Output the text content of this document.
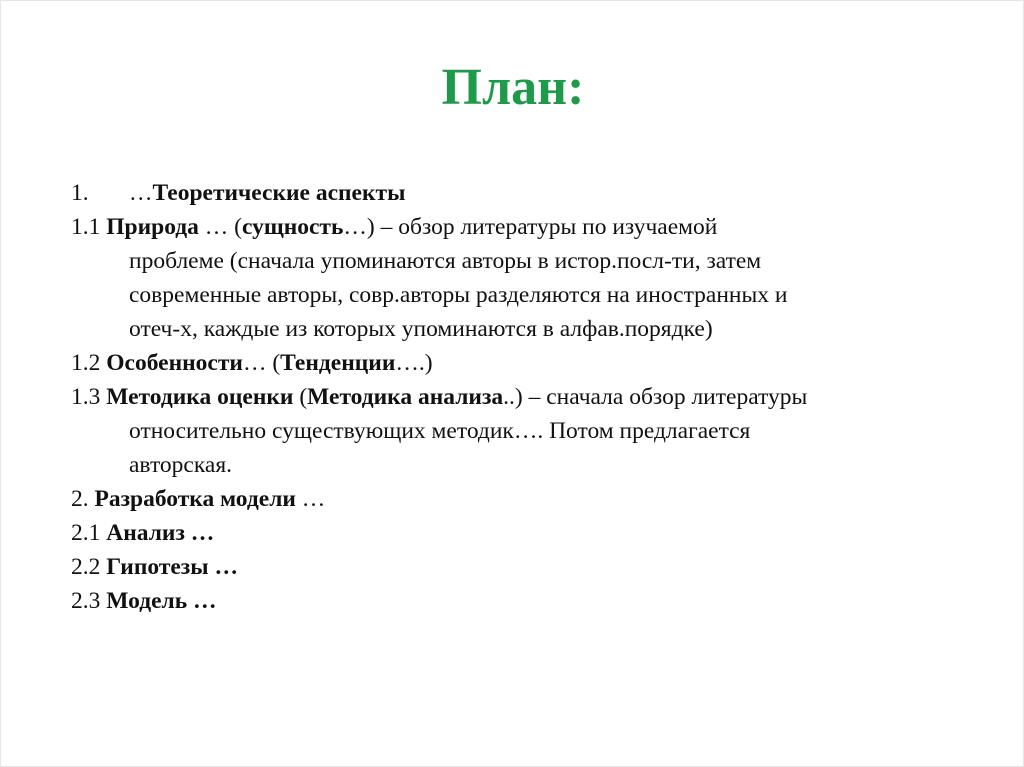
План:
1. …Теоретические аспекты
1.1 Природа … (сущность…) – обзор литературы по изучаемой
проблеме (сначала упоминаются авторы в истор.посл-ти, затем
современные авторы, совр.авторы разделяются на иностранных и
отеч-х, каждые из которых упоминаются в алфав.порядке)
1.2 Особенности… (Тенденции….)
1.3 Методика оценки (Методика анализа..) – сначала обзор литературы
относительно существующих методик…. Потом предлагается
авторская.
2. Разработка модели …
2.1 Анализ …
2.2 Гипотезы …
2.3 Модель …
